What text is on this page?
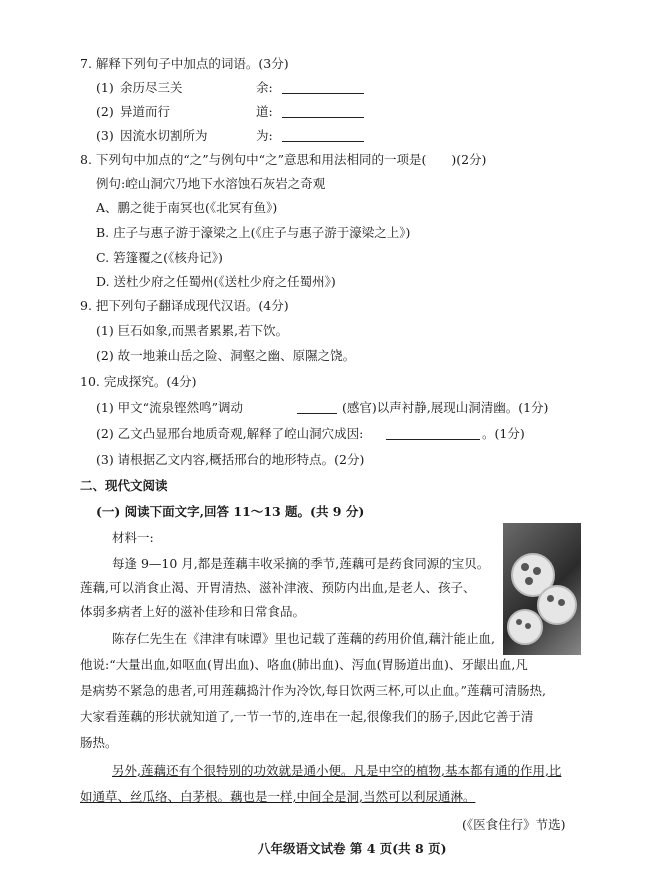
7. 解释下列句子中加点的词语。(3分)
(1) 余历尽三关	余:
(2) 异道而行	道:
(3) 因流水切割所为	为:
8. 下列句中加点的“之”与例句中“之”意思和用法相同的一项是(　　)(2分)
例句:崆山洞穴乃地下水溶蚀石灰岩之奇观
A、鹏之徙于南冥也(《北冥有鱼》)
B. 庄子与惠子游于濠梁之上(《庄子与惠子游于濠梁之上》)
C. 箬篷覆之(《核舟记》)
D. 送杜少府之任蜀州(《送杜少府之任蜀州》)
9. 把下列句子翻译成现代汉语。(4分)
(1) 巨石如象,而黑者累累,若下饮。
(2) 故一地兼山岳之险、洞壑之幽、原隰之饶。
10. 完成探究。(4分)
(1) 甲文“流泉铿然鸣”调动	(感官)以声衬静,展现山洞清幽。(1分)
(2) 乙文凸显邢台地质奇观,解释了崆山洞穴成因:	。(1分)
(3) 请根据乙文内容,概括邢台的地形特点。(2分)
二、现代文阅读
(一) 阅读下面文字,回答 11～13 题。(共 9 分)
材料一:
每逢 9—10 月,都是莲藕丰收采摘的季节,莲藕可是药食同源的宝贝。
莲藕,可以消食止渴、开胃清热、滋补津液、预防内出血,是老人、孩子、
体弱多病者上好的滋补佳珍和日常食品。
陈存仁先生在《津津有味谭》里也记载了莲藕的药用价值,藕汁能止血,
他说:“大量出血,如呕血(胃出血)、咯血(肺出血)、泻血(胃肠道出血)、牙龈出血,凡
是病势不紧急的患者,可用莲藕捣汁作为冷饮,每日饮两三杯,可以止血。”莲藕可清肠热,
大家看莲藕的形状就知道了,一节一节的,连串在一起,很像我们的肠子,因此它善于清
肠热。
另外,莲藕还有个很特别的功效就是通小便。凡是中空的植物,基本都有通的作用,比
如通草、丝瓜络、白茅根。藕也是一样,中间全是洞,当然可以利尿通淋。
(《医食住行》节选)
八年级语文试卷 第 4 页(共 8 页)
